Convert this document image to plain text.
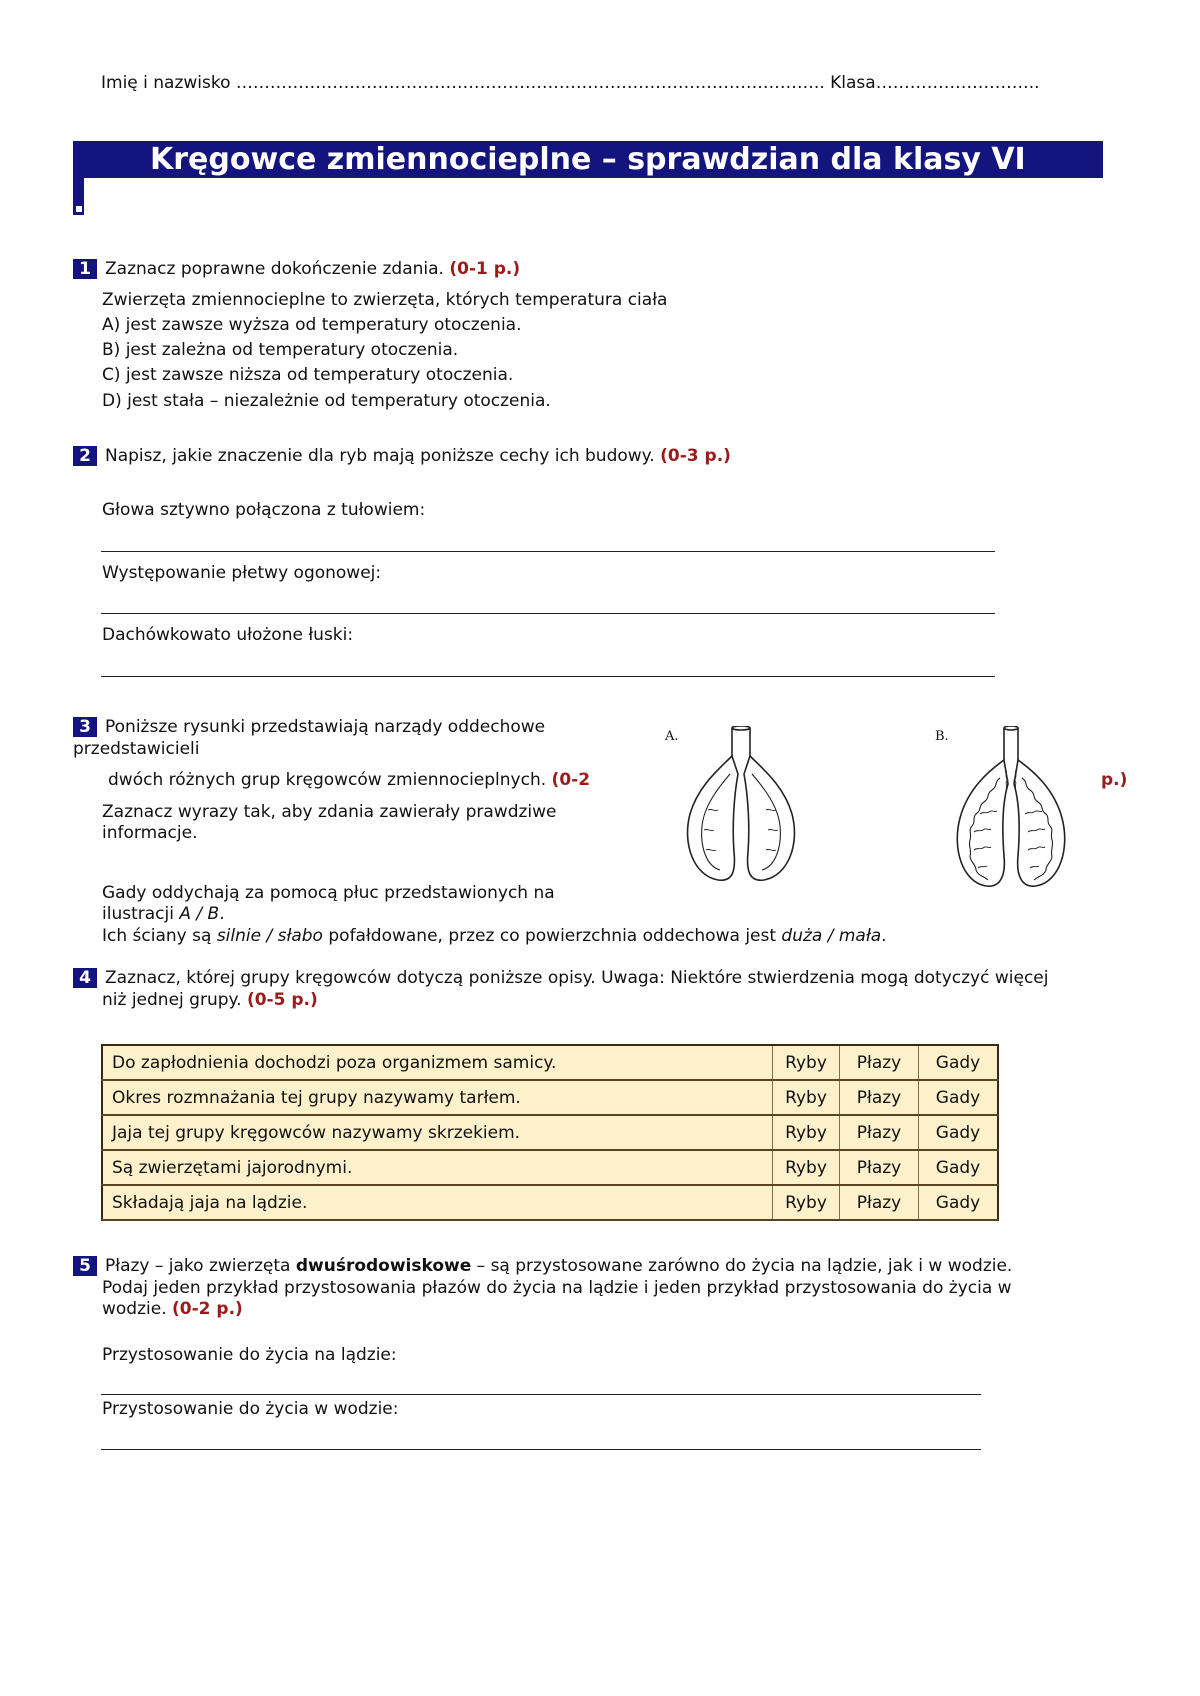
Imię i nazwisko ………………………………………………………………………………………….. Klasa………………………..
Kręgowce zmiennocieplne – sprawdzian dla klasy VI
1 Zaznacz poprawne dokończenie zdania. (0-1 p.)
Zwierzęta zmiennocieplne to zwierzęta, których temperatura ciała
A) jest zawsze wyższa od temperatury otoczenia.
B) jest zależna od temperatury otoczenia.
C) jest zawsze niższa od temperatury otoczenia.
D) jest stała – niezależnie od temperatury otoczenia.
2 Napisz, jakie znaczenie dla ryb mają poniższe cechy ich budowy. (0-3 p.)
Głowa sztywno połączona z tułowiem:
Występowanie płetwy ogonowej:
Dachówkowato ułożone łuski:
3 Poniższe rysunki przedstawiają narządy oddechowe
przedstawicieli
dwóch różnych grup kręgowców zmiennocieplnych. (0-2	p.)
Zaznacz wyrazy tak, aby zdania zawierały prawdziwe
informacje.
Gady oddychają za pomocą płuc przedstawionych na
ilustracji A / B.
Ich ściany są silnie / słabo pofałdowane, przez co powierzchnia oddechowa jest duża / mała.
A.	B.
4 Zaznacz, której grupy kręgowców dotyczą poniższe opisy. Uwaga: Niektóre stwierdzenia mogą dotyczyć więcej
niż jednej grupy. (0-5 p.)
Do zapłodnienia dochodzi poza organizmem samicy.	Ryby	Płazy	Gady
Okres rozmnażania tej grupy nazywamy tarłem.	Ryby	Płazy	Gady
Jaja tej grupy kręgowców nazywamy skrzekiem.	Ryby	Płazy	Gady
Są zwierzętami jajorodnymi.	Ryby	Płazy	Gady
Składają jaja na lądzie.	Ryby	Płazy	Gady
5 Płazy – jako zwierzęta dwuśrodowiskowe – są przystosowane zarówno do życia na lądzie, jak i w wodzie.
Podaj jeden przykład przystosowania płazów do życia na lądzie i jeden przykład przystosowania do życia w
wodzie. (0-2 p.)
Przystosowanie do życia na lądzie:
Przystosowanie do życia w wodzie:
